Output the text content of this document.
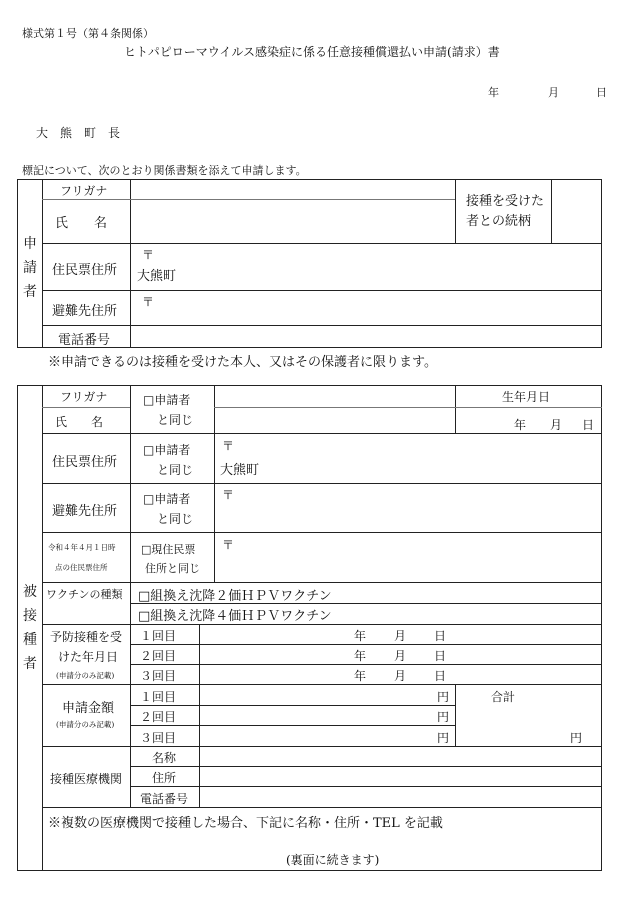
様式第１号（第４条関係）
ヒトパピローマウイルス感染症に係る任意接種償還払い申請(請求）書
年	月	日
大　熊　町　長
標記について、次のとおり関係書類を添えて申請します。
申
請
者
フリガナ
氏　　名
接種を受けた者との続柄
住民票住所
〒
大熊町
避難先住所
〒
電話番号
※申請できるのは接種を受けた本人、又はその保護者に限ります。
被
接
種
者
フリガナ
氏　　名
□申請者
と同じ
生年月日
年 月 日
住民票住所
□申請者
と同じ
〒
大熊町
避難先住所
□申請者
と同じ
〒
令和４年４月１日時
点の住民票住所
□現住民票
住所と同じ
〒
ワクチンの種類 □組換え沈降２価ＨＰＶワクチン
□組換え沈降４価ＨＰＶワクチン
予防接種を受
けた年月日
(申請分のみ記載)
１回目
２回目
３回目
年 月 日
年 月 日
年 月 日
申請金額
(申請分のみ記載)
１回目
２回目
３回目
円
円
円
合計
円
接種医療機関
名称
住所
電話番号
※複数の医療機関で接種した場合、下記に名称・住所・TEL を記載
(裏面に続きます)
